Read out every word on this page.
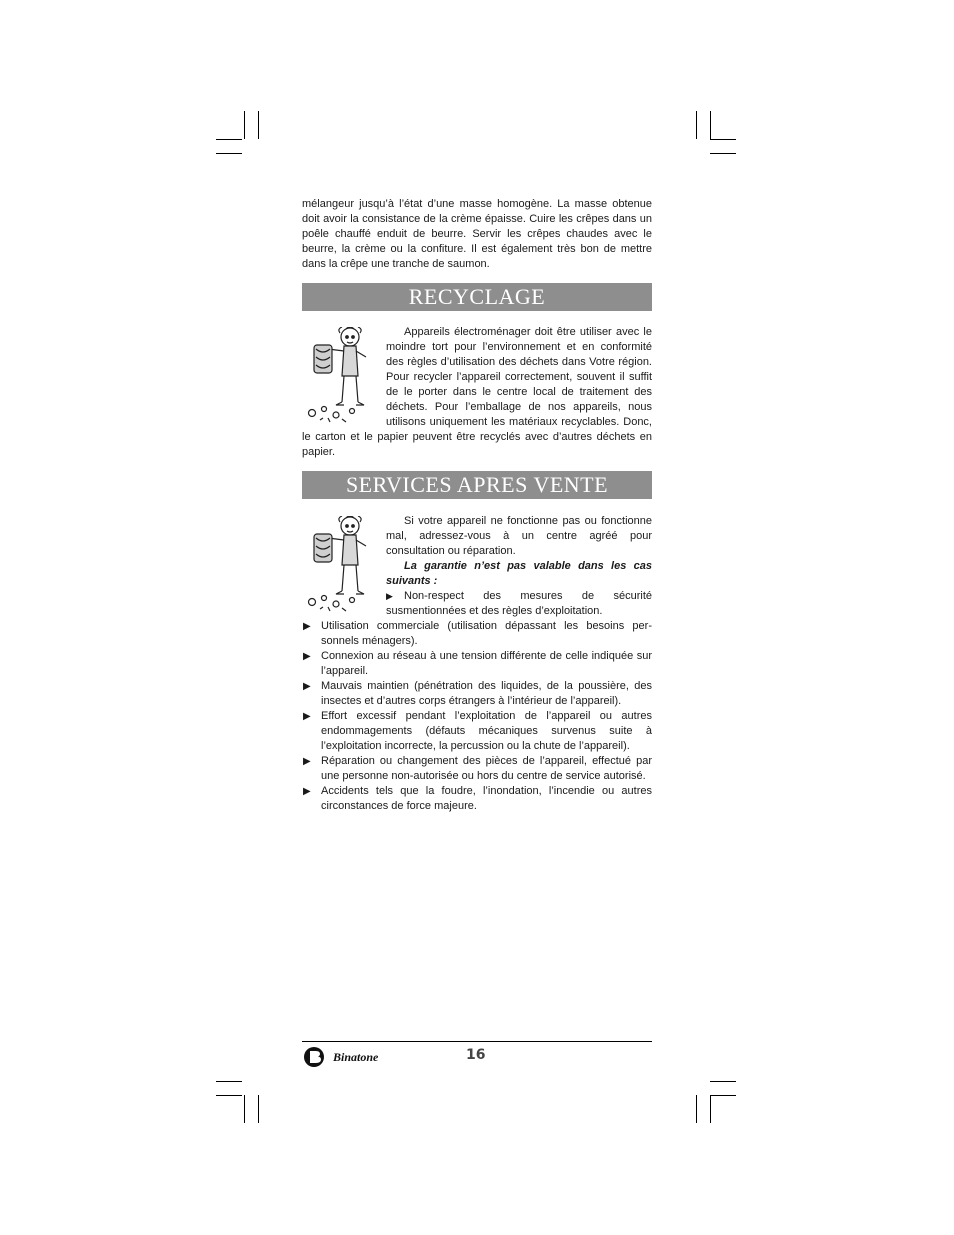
mélangeur jusqu’à l’état d’une masse homogène. La masse obtenue doit avoir la consistance de la crème épaisse. Cuire les crêpes dans un poêle chauffé enduit de beurre. Servir les crêpes chaudes avec le beurre, la crème ou la confiture. Il est également très bon de mettre dans la crêpe une tranche de saumon.

RECYCLAGE

Appareils électroménager doit être utiliser avec le moindre tort pour l’environnement et en conformité des règles d’utilisation des déchets dans Votre région. Pour recycler l’appareil correctement, souvent il suffit de le porter dans le centre local de traitement des déchets. Pour l’emballage de nos appareils, nous utilisons uniquement les matériaux recyclables. Donc, le carton et le papier peuvent être recyclés avec d’autres déchets en papier.

SERVICES APRES VENTE

Si votre appareil ne fonctionne pas ou fonctionne mal, adressez-vous à un centre agréé pour consultation ou réparation.

La garantie n’est pas valable dans les cas suivants :

▶ Non-respect des mesures de sécurité susmentionnées et des règles d’exploitation.

▶ Utilisation commerciale (utilisation dépassant les besoins per-sonnels ménagers).
▶ Connexion au réseau à une tension différente de celle indiquée sur l’appareil.
▶ Mauvais maintien (pénétration des liquides, de la poussière, des insectes et d’autres corps étrangers à l’intérieur de l’appareil).
▶ Effort excessif pendant l’exploitation de l’appareil ou autres endommagements (défauts mécaniques survenus suite à l’exploitation incorrecte, la percussion ou la chute de l’appareil).
▶ Réparation ou changement des pièces de l’appareil, effectué par une personne non-autorisée ou hors du centre de service autorisé.
▶ Accidents tels que la foudre, l’inondation, l’incendie ou autres circonstances de force majeure.
Binatone	16
